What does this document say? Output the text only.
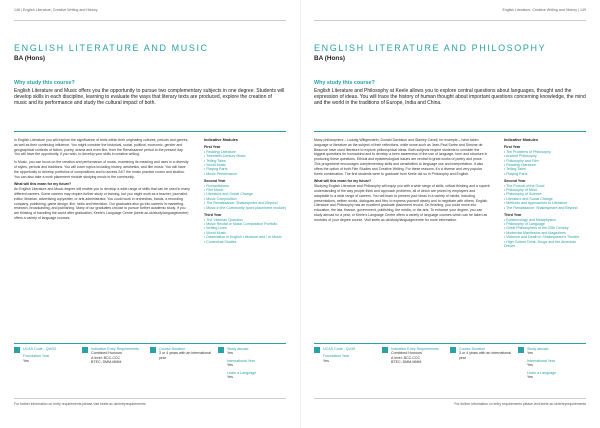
148 | English Literature, Creative Writing and History
ENGLISH LITERATURE AND MUSIC
BA (Hons)
Why study this course?
English Literature and Music offers you the opportunity to pursue two complementary subjects in one degree. Students will develop skills in each discipline, learning to evaluate the ways that literary texts are produced, explore the creation of music and its performance and study the cultural impact of both.

In English Literature you will explore the significance of texts within their originating cultures, periods and genres, as well as their continuing influence. You might consider the historical, social, political, economic, gender and geographical contexts of fiction, poetry, drama and even film, from the Renaissance period to the present day. You will have the opportunity, if you wish, to develop your skills in creative writing.

In Music, you can focus on the creation and performance of music, examining its meaning and uses in a diversity of styles, periods and traditions. You will cover topics including history, aesthetics, and film music. You will have the opportunity to develop portfolios of compositions and to access 24/7 the music practice rooms and studios. You can also take a work placement module studying music in the community.

What will this mean for my future?

An English Literature and Music degree will enable you to develop a wide range of skills that can be used in many different careers. Some careers may require further study or training, but you might work as a teacher, journalist, editor, librarian, advertising copywriter, or arts administrator. You could work in orchestras, bands, a recording company, publishing, game design, film, radio and television. Our graduates also go into careers in marketing, research, broadcasting, and publishing. Many of our graduates choose to pursue further academic study. If you are thinking of travelling the world after graduation, Keele's Language Centre (keele.ac.uk/study/languagecentre) offers a variety of language courses.

Indicative Modules
First Year
• Reading Literature
• Twentieth-Century Music
• Telling Tales
• World Music
• Playing Parts
• Music Performance
Second Year
• Romanticisms
• Film Music
• Literature and Social Change
• Music Composition
• The Renaissance: Shakespeare and Beyond
• Music in the Community (work placement module)
Third Year
• The Victorian Question
• Music Recital or Music Composition Portfolio
• Writing Lives
• World Music
• Dissertation in English Literature and / or Music
• Contextual Studies
UCAS Code - QW33
Foundation Year
Yes
Indicative Entry Requirements
Combined Honours
A level: BCC-CCC
BTEC: DMM-MMM
Course Duration
3 or 4 years with an international year
Study abroad
Yes
International Year
Yes
Learn a Language
Yes
For further information on entry requirements please visit keele.ac.uk/entryrequirements
English Literature, Creative Writing and History | 149
ENGLISH LITERATURE AND PHILOSOPHY
BA (Hons)
Why study this course?
English Literature and Philosophy at Keele allows you to explore central questions about languages, thought and the expression of ideas. You will trace the history of human thought about important questions concerning knowledge, the mind and the world in the traditions of Europe, India and China.

Many philosophers – Ludwig Wittgenstein, Donald Davidson and Stanley Cavell, for example – have taken language or literature as the subject of their reflections, while some such as Jean-Paul Sartre and Simone de Beauvoir have used literature to explore philosophical ideas. Both subjects require students to consider the biggest questions for humankind and to develop a keen awareness of the use of language, form and structure in producing these questions. Ethical and epistemological issues are central to great works of poetry and prose. This programme encourages complementary skills and sensitivities to language use and interpretation. It also offers the option of both Film Studies and Creative Writing. For these reasons, it's a diverse and very popular Keele combination. The first students were to graduate from Keele did so in Philosophy and English.

What will this mean for my future?

Studying English Literature and Philosophy will equip you with a wide range of skills, critical thinking and a superb understanding of the way people think and approach problems, all of which are prized by employers and adaptable to a wide range of careers. You will learn to present your ideas in a variety of media, including presentations, written works, dialogues and film; to express yourself clearly and to negotiate with others. English Literature and Philosophy has an excellent graduate placement record. On finishing, you could move into education, the law, finance, government, publishing, the media, or the arts. To enhance your degree, you can study abroad for a year, or Keele's Language Centre offers a variety of language courses which can be taken as modules of your degree course. Visit keele.ac.uk/study/languagecentre for more information.

Indicative Modules
First Year
• Ten Problems of Philosophy
• Ancient Philosophy
• Philosophy and Film
• Reading Literature
• Telling Tales
• Playing Parts
Second Year
• The Pursuit of the Good
• Philosophy of Mind
• Philosophy of Science
• Literature and Social Change
• Methods and Approaches to Literature
• The Renaissance: Shakespeare and Beyond
Third Year
• Epistemology and Metaphysics
• Philosophy of Language
• Great Philosophers of the 20th Century
• Modernist Manifestos and Magazines
• Violence and Death in Shakespeare's Theatre
• High Culture Drink, Drugs and the American Dream
UCAS Code - QV35
Foundation Year
Yes
Indicative Entry Requirements
Combined Honours
A level: BCC-CCC
BTEC: DMM-MMM
Course Duration
3 or 4 years with an international year
Study abroad
Yes
International Year
Yes
Learn a Language
Yes
For further information on entry requirements please visit keele.ac.uk/entryrequirements
